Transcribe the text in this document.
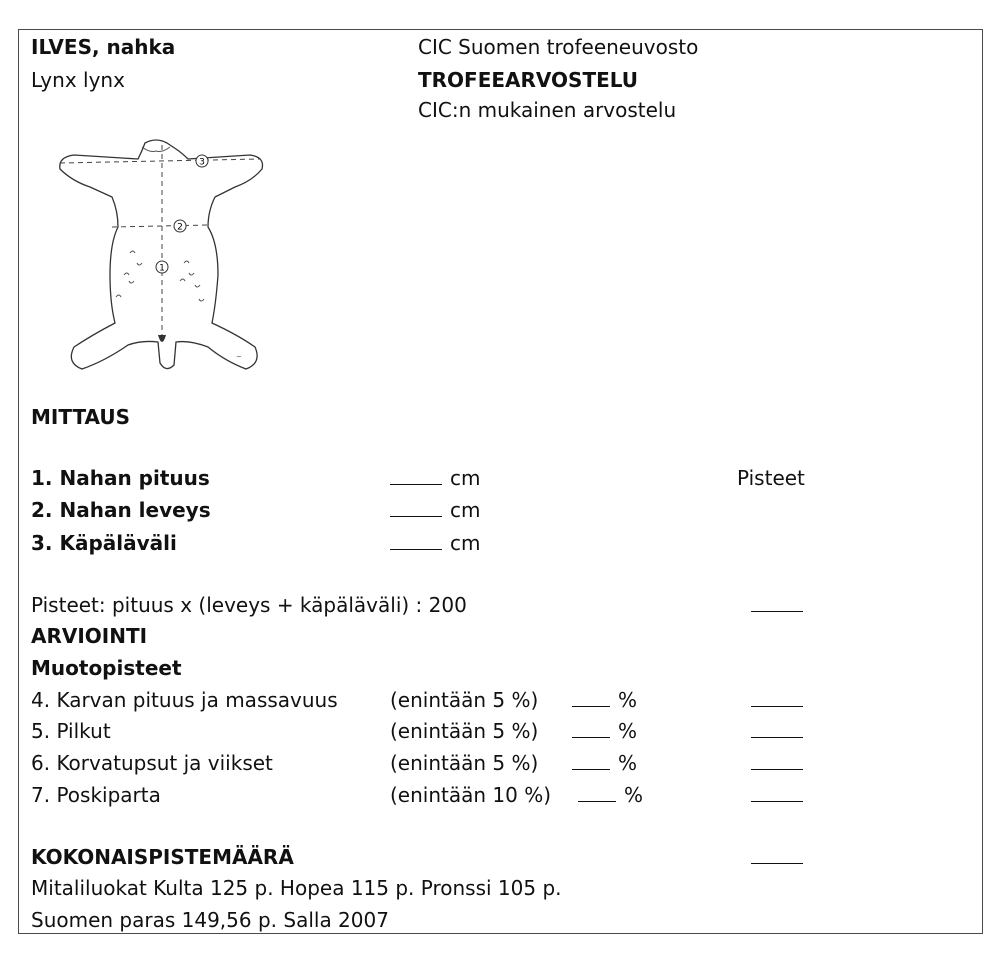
ILVES, nahka
Lynx lynx
CIC Suomen trofeeneuvosto
TROFEEARVOSTELU
CIC:n mukainen arvostelu
3
2
1
~
MITTAUS
Pisteet
1. Nahan pituus	cm
2. Nahan leveys	cm
3. Käpäläväli	cm
Pisteet: pituus x (leveys + käpäläväli) : 200
ARVIOINTI
Muotopisteet
4. Karvan pituus ja massavuus	(enintään 5 %)	%
5. Pilkut	(enintään 5 %)	%
6. Korvatupsut ja viikset	(enintään 5 %)	%
7. Poskiparta	(enintään 10 %)	%
KOKONAISPISTEMÄÄRÄ
Mitaliluokat Kulta 125 p. Hopea 115 p. Pronssi 105 p.
Suomen paras 149,56 p. Salla 2007
